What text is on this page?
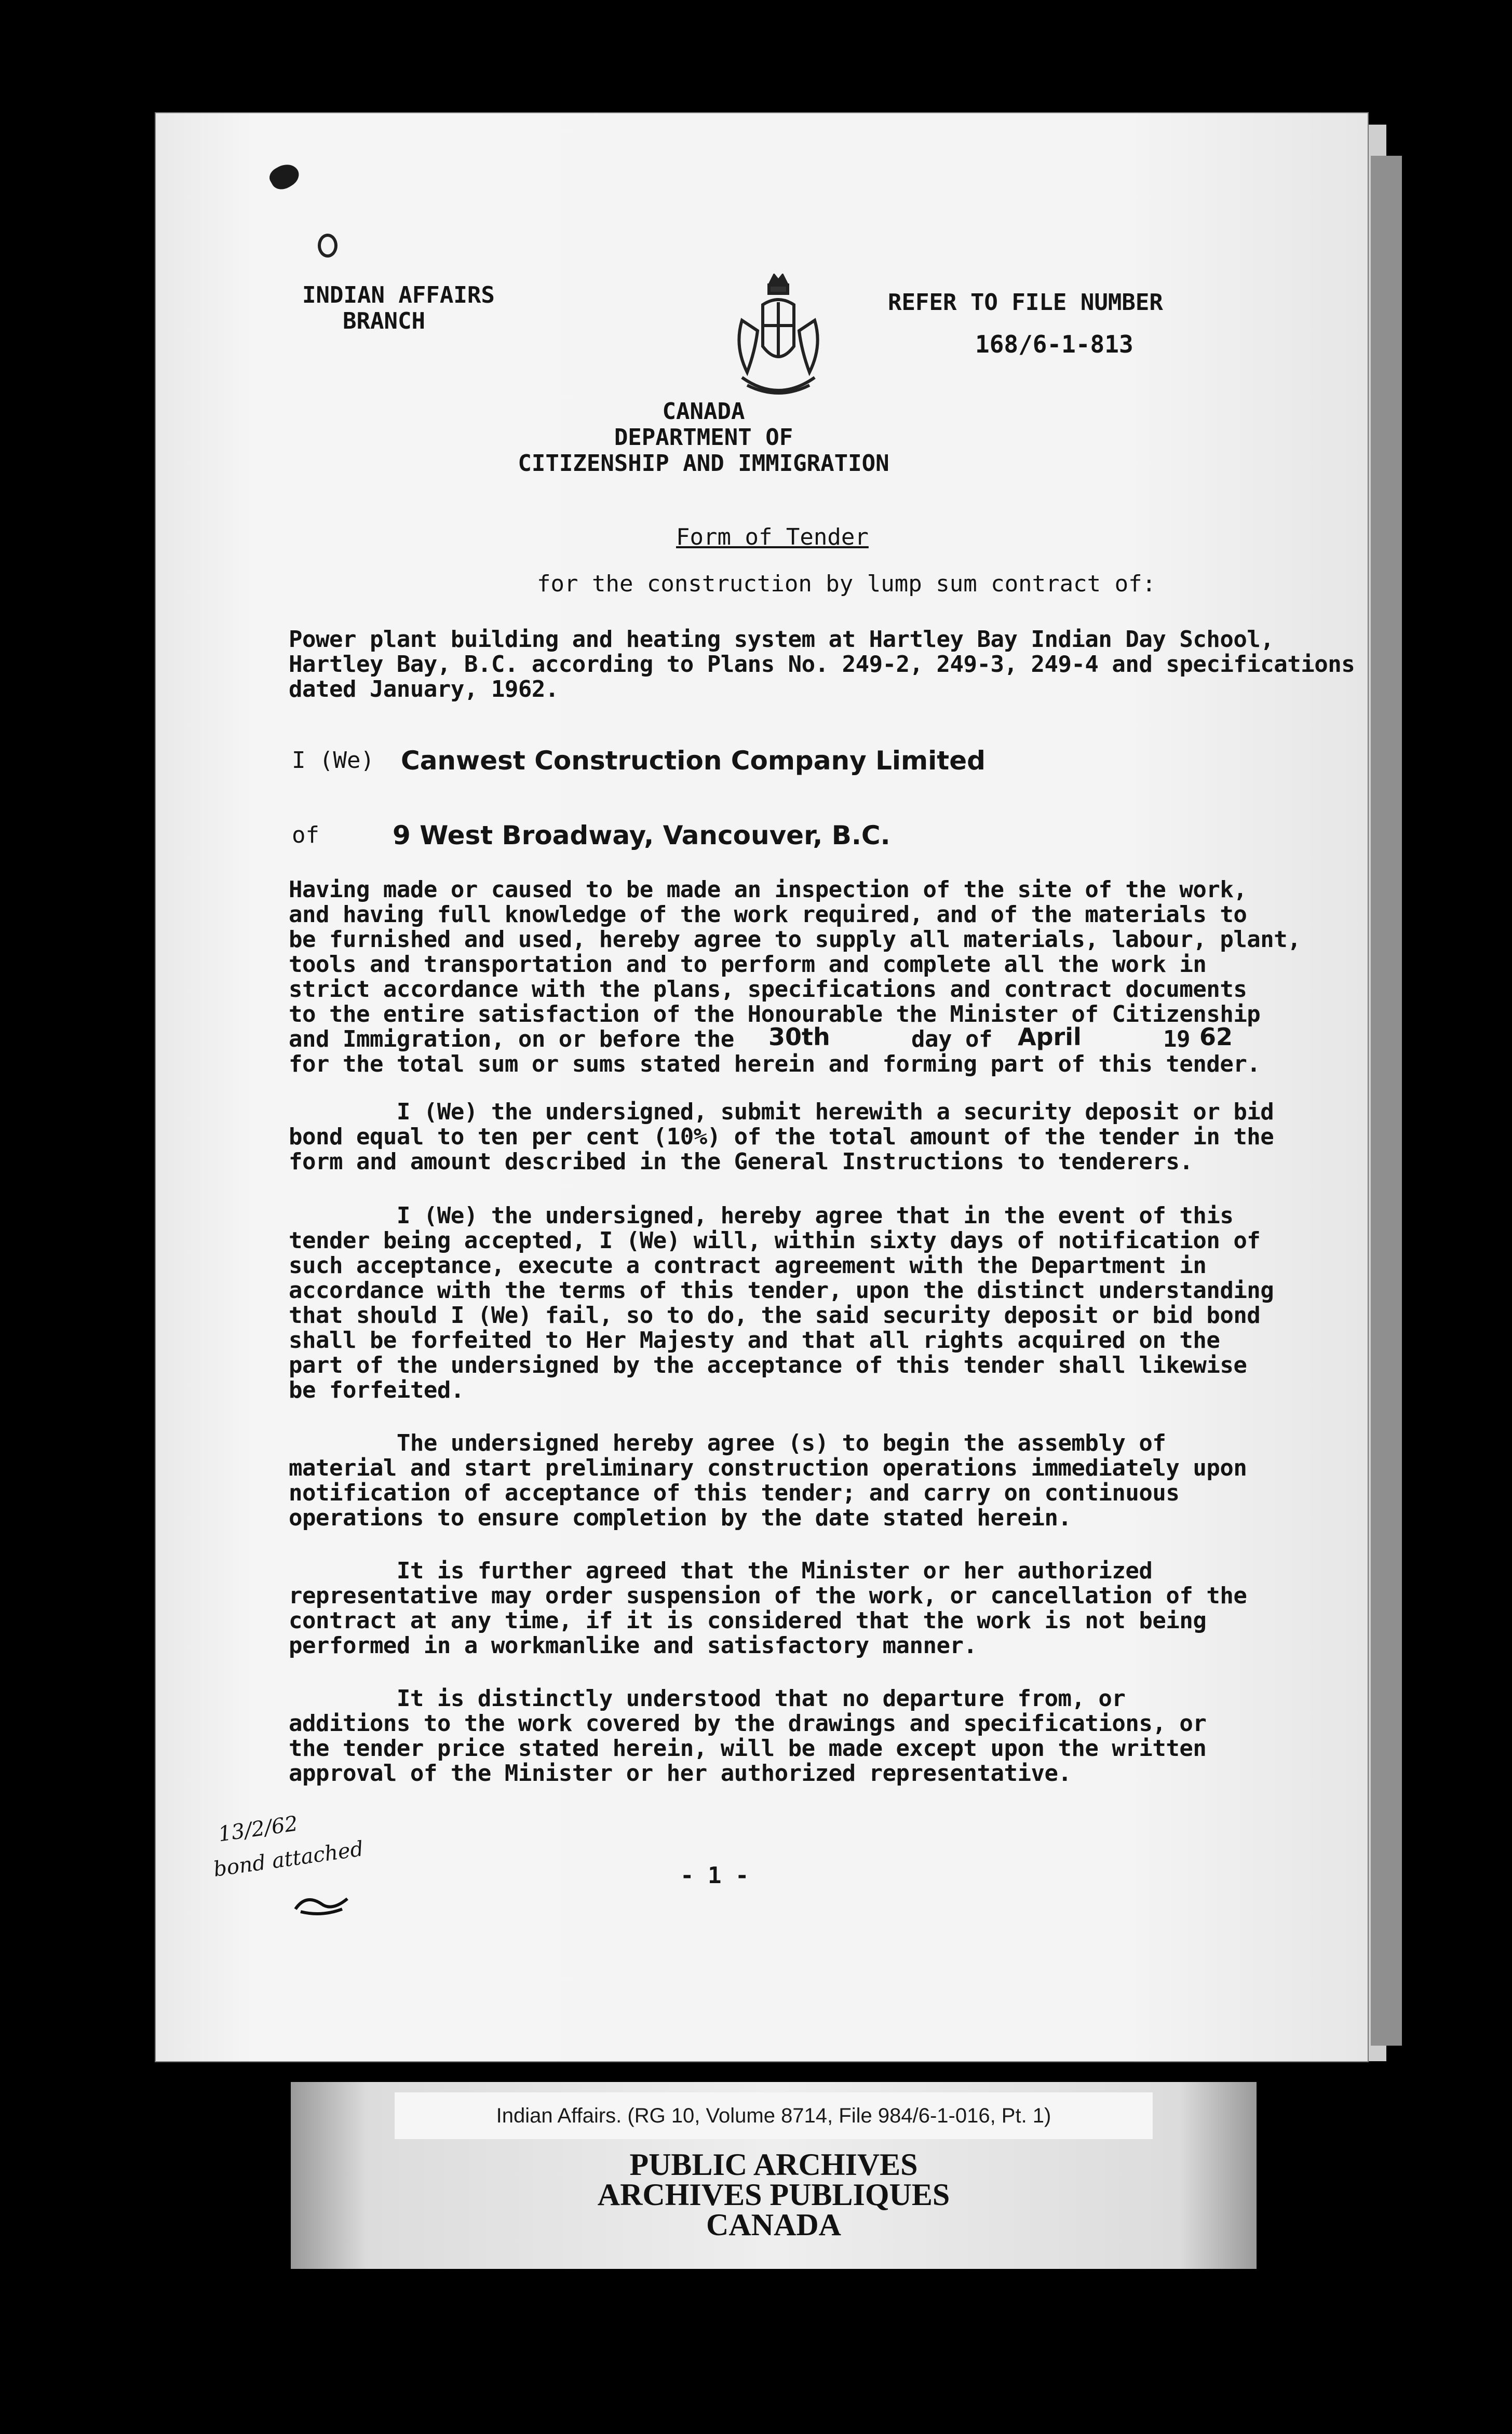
INDIAN AFFAIRS
BRANCH

REFER TO FILE NUMBER
168/6-1-813
CANADA
DEPARTMENT OF
CITIZENSHIP AND IMMIGRATION
Form of Tender
for the construction by lump sum contract of:
Power plant building and heating system at Hartley Bay Indian Day School,
Hartley Bay, B.C. according to Plans No. 249-2, 249-3, 249-4 and specifications
dated January, 1962.
I (We) Canwest Construction Company Limited
of	9 West Broadway, Vancouver, B.C.
Having made or caused to be made an inspection of the site of the work,
and having full knowledge of the work required, and of the materials to
be furnished and used, hereby agree to supply all materials, labour, plant,
tools and transportation and to perform and complete all the work in
strict accordance with the plans, specifications and contract documents
to the entire satisfaction of the Honourable the Minister of Citizenship
and Immigration, on or before the 30th	day of April	19 62
for the total sum or sums stated herein and forming part of this tender.
I (We) the undersigned, submit herewith a security deposit or bid
bond equal to ten per cent (10%) of the total amount of the tender in the
form and amount described in the General Instructions to tenderers.
I (We) the undersigned, hereby agree that in the event of this
tender being accepted, I (We) will, within sixty days of notification of
such acceptance, execute a contract agreement with the Department in
accordance with the terms of this tender, upon the distinct understanding
that should I (We) fail, so to do, the said security deposit or bid bond
shall be forfeited to Her Majesty and that all rights acquired on the
part of the undersigned by the acceptance of this tender shall likewise
be forfeited.
The undersigned hereby agree (s) to begin the assembly of
material and start preliminary construction operations immediately upon
notification of acceptance of this tender; and carry on continuous
operations to ensure completion by the date stated herein.
It is further agreed that the Minister or her authorized
representative may order suspension of the work, or cancellation of the
contract at any time, if it is considered that the work is not being
performed in a workmanlike and satisfactory manner.
It is distinctly understood that no departure from, or
additions to the work covered by the drawings and specifications, or
the tender price stated herein, will be made except upon the written
approval of the Minister or her authorized representative.
13/2/62
bond attached

	- 1 -
Indian Affairs. (RG 10, Volume 8714, File 984/6-1-016, Pt. 1)
PUBLIC ARCHIVES
ARCHIVES PUBLIQUES
CANADA
